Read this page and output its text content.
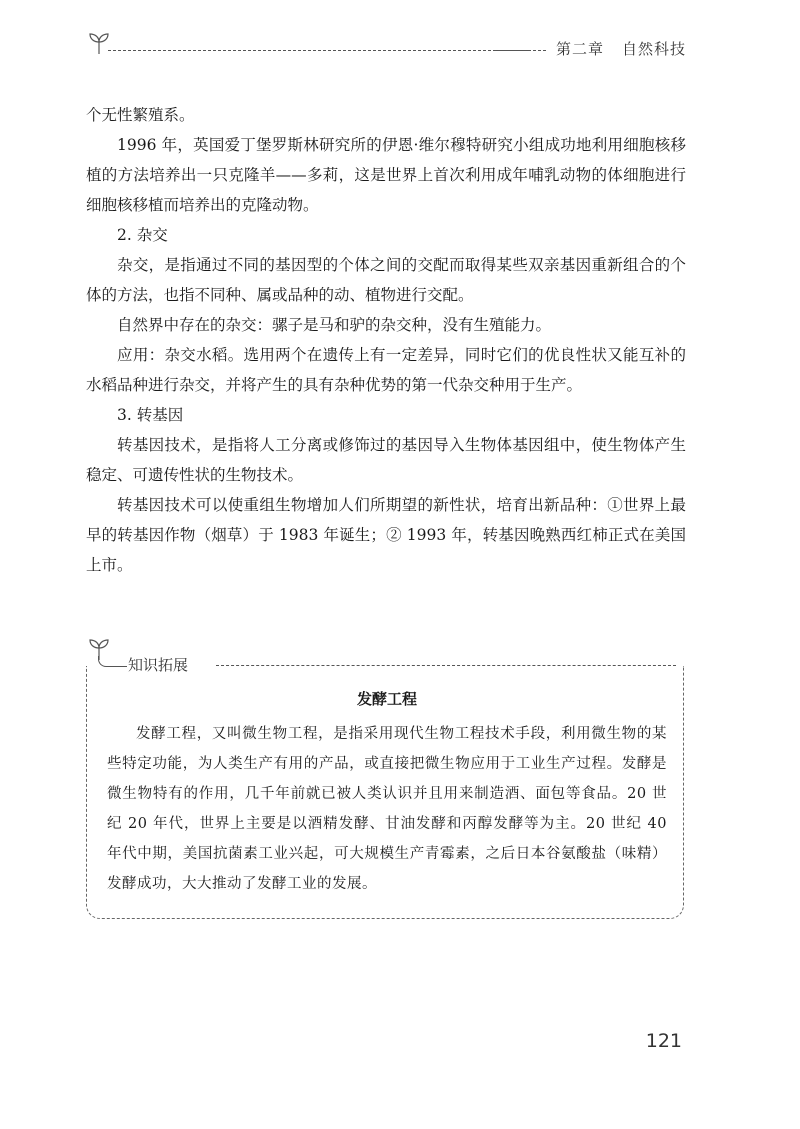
第二章 自然科技

个无性繁殖系。

1996 年，英国爱丁堡罗斯林研究所的伊恩·维尔穆特研究小组成功地利用细胞核移植的方法培养出一只克隆羊——多莉，这是世界上首次利用成年哺乳动物的体细胞进行细胞核移植而培养出的克隆动物。

2. 杂交

杂交，是指通过不同的基因型的个体之间的交配而取得某些双亲基因重新组合的个体的方法，也指不同种、属或品种的动、植物进行交配。

自然界中存在的杂交：骡子是马和驴的杂交种，没有生殖能力。

应用：杂交水稻。选用两个在遗传上有一定差异，同时它们的优良性状又能互补的水稻品种进行杂交，并将产生的具有杂种优势的第一代杂交种用于生产。

3. 转基因

转基因技术，是指将人工分离或修饰过的基因导入生物体基因组中，使生物体产生稳定、可遗传性状的生物技术。

转基因技术可以使重组生物增加人们所期望的新性状，培育出新品种：①世界上最早的转基因作物（烟草）于 1983 年诞生；② 1993 年，转基因晚熟西红柿正式在美国上市。

知识拓展

发酵工程

发酵工程，又叫微生物工程，是指采用现代生物工程技术手段，利用微生物的某些特定功能，为人类生产有用的产品，或直接把微生物应用于工业生产过程。发酵是微生物特有的作用，几千年前就已被人类认识并且用来制造酒、面包等食品。20 世纪 20 年代，世界上主要是以酒精发酵、甘油发酵和丙醇发酵等为主。20 世纪 40 年代中期，美国抗菌素工业兴起，可大规模生产青霉素，之后日本谷氨酸盐（味精）发酵成功，大大推动了发酵工业的发展。

121
